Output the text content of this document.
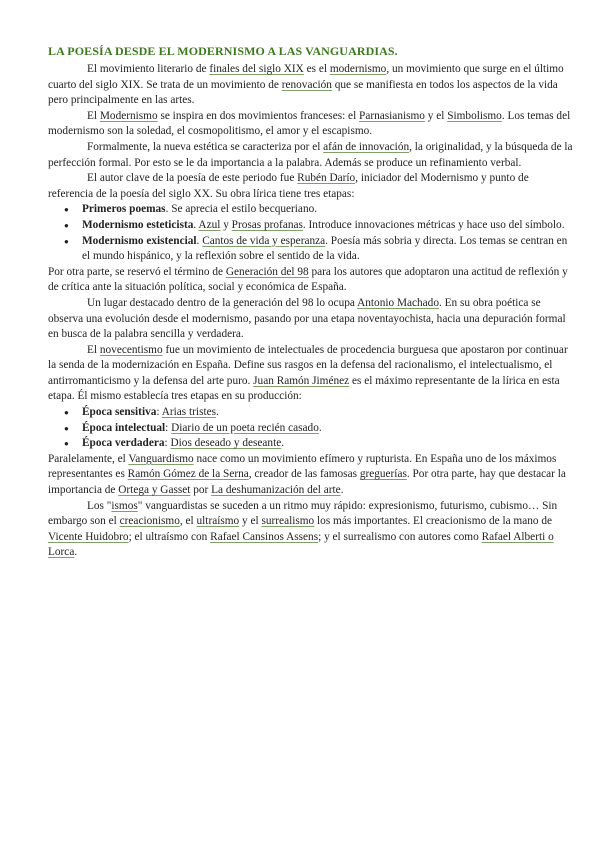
LA POESÍA DESDE EL MODERNISMO A LAS VANGUARDIAS.

El movimiento literario de finales del siglo XIX es el modernismo, un movimiento que surge en el último cuarto del siglo XIX. Se trata de un movimiento de renovación que se manifiesta en todos los aspectos de la vida pero principalmente en las artes.

El Modernismo se inspira en dos movimientos franceses: el Parnasianismo y el Simbolismo. Los temas del modernismo son la soledad, el cosmopolitismo, el amor y el escapismo.

Formalmente, la nueva estética se caracteriza por el afán de innovación, la originalidad, y la búsqueda de la perfección formal. Por esto se le da importancia a la palabra. Además se produce un refinamiento verbal.

El autor clave de la poesía de este periodo fue Rubén Darío, iniciador del Modernismo y punto de referencia de la poesía del siglo XX. Su obra lírica tiene tres etapas:

● Primeros poemas. Se aprecia el estilo becqueriano.
● Modernismo esteticista. Azul y Prosas profanas. Introduce innovaciones métricas y hace uso del símbolo.
● Modernismo existencial. Cantos de vida y esperanza. Poesía más sobria y directa. Los temas se centran en el mundo hispánico, y la reflexión sobre el sentido de la vida.

Por otra parte, se reservó el término de Generación del 98 para los autores que adoptaron una actitud de reflexión y de crítica ante la situación política, social y económica de España.

Un lugar destacado dentro de la generación del 98 lo ocupa Antonio Machado. En su obra poética se observa una evolución desde el modernismo, pasando por una etapa noventayochista, hacia una depuración formal en busca de la palabra sencilla y verdadera.

El novecentismo fue un movimiento de intelectuales de procedencia burguesa que apostaron por continuar la senda de la modernización en España. Define sus rasgos en la defensa del racionalismo, el intelectualismo, el antirromanticismo y la defensa del arte puro. Juan Ramón Jiménez es el máximo representante de la lírica en esta etapa. Él mismo establecía tres etapas en su producción:

● Época sensitiva: Arias tristes.
● Época intelectual: Diario de un poeta recién casado.
● Época verdadera: Dios deseado y deseante.

Paralelamente, el Vanguardismo nace como un movimiento efímero y rupturista. En España uno de los máximos representantes es Ramón Gómez de la Serna, creador de las famosas greguerías. Por otra parte, hay que destacar la importancia de Ortega y Gasset por La deshumanización del arte.

Los "ismos" vanguardistas se suceden a un ritmo muy rápido: expresionismo, futurismo, cubismo… Sin embargo son el creacionismo, el ultraísmo y el surrealismo los más importantes. El creacionismo de la mano de Vicente Huidobro; el ultraísmo con Rafael Cansinos Assens; y el surrealismo con autores como Rafael Alberti o Lorca.
